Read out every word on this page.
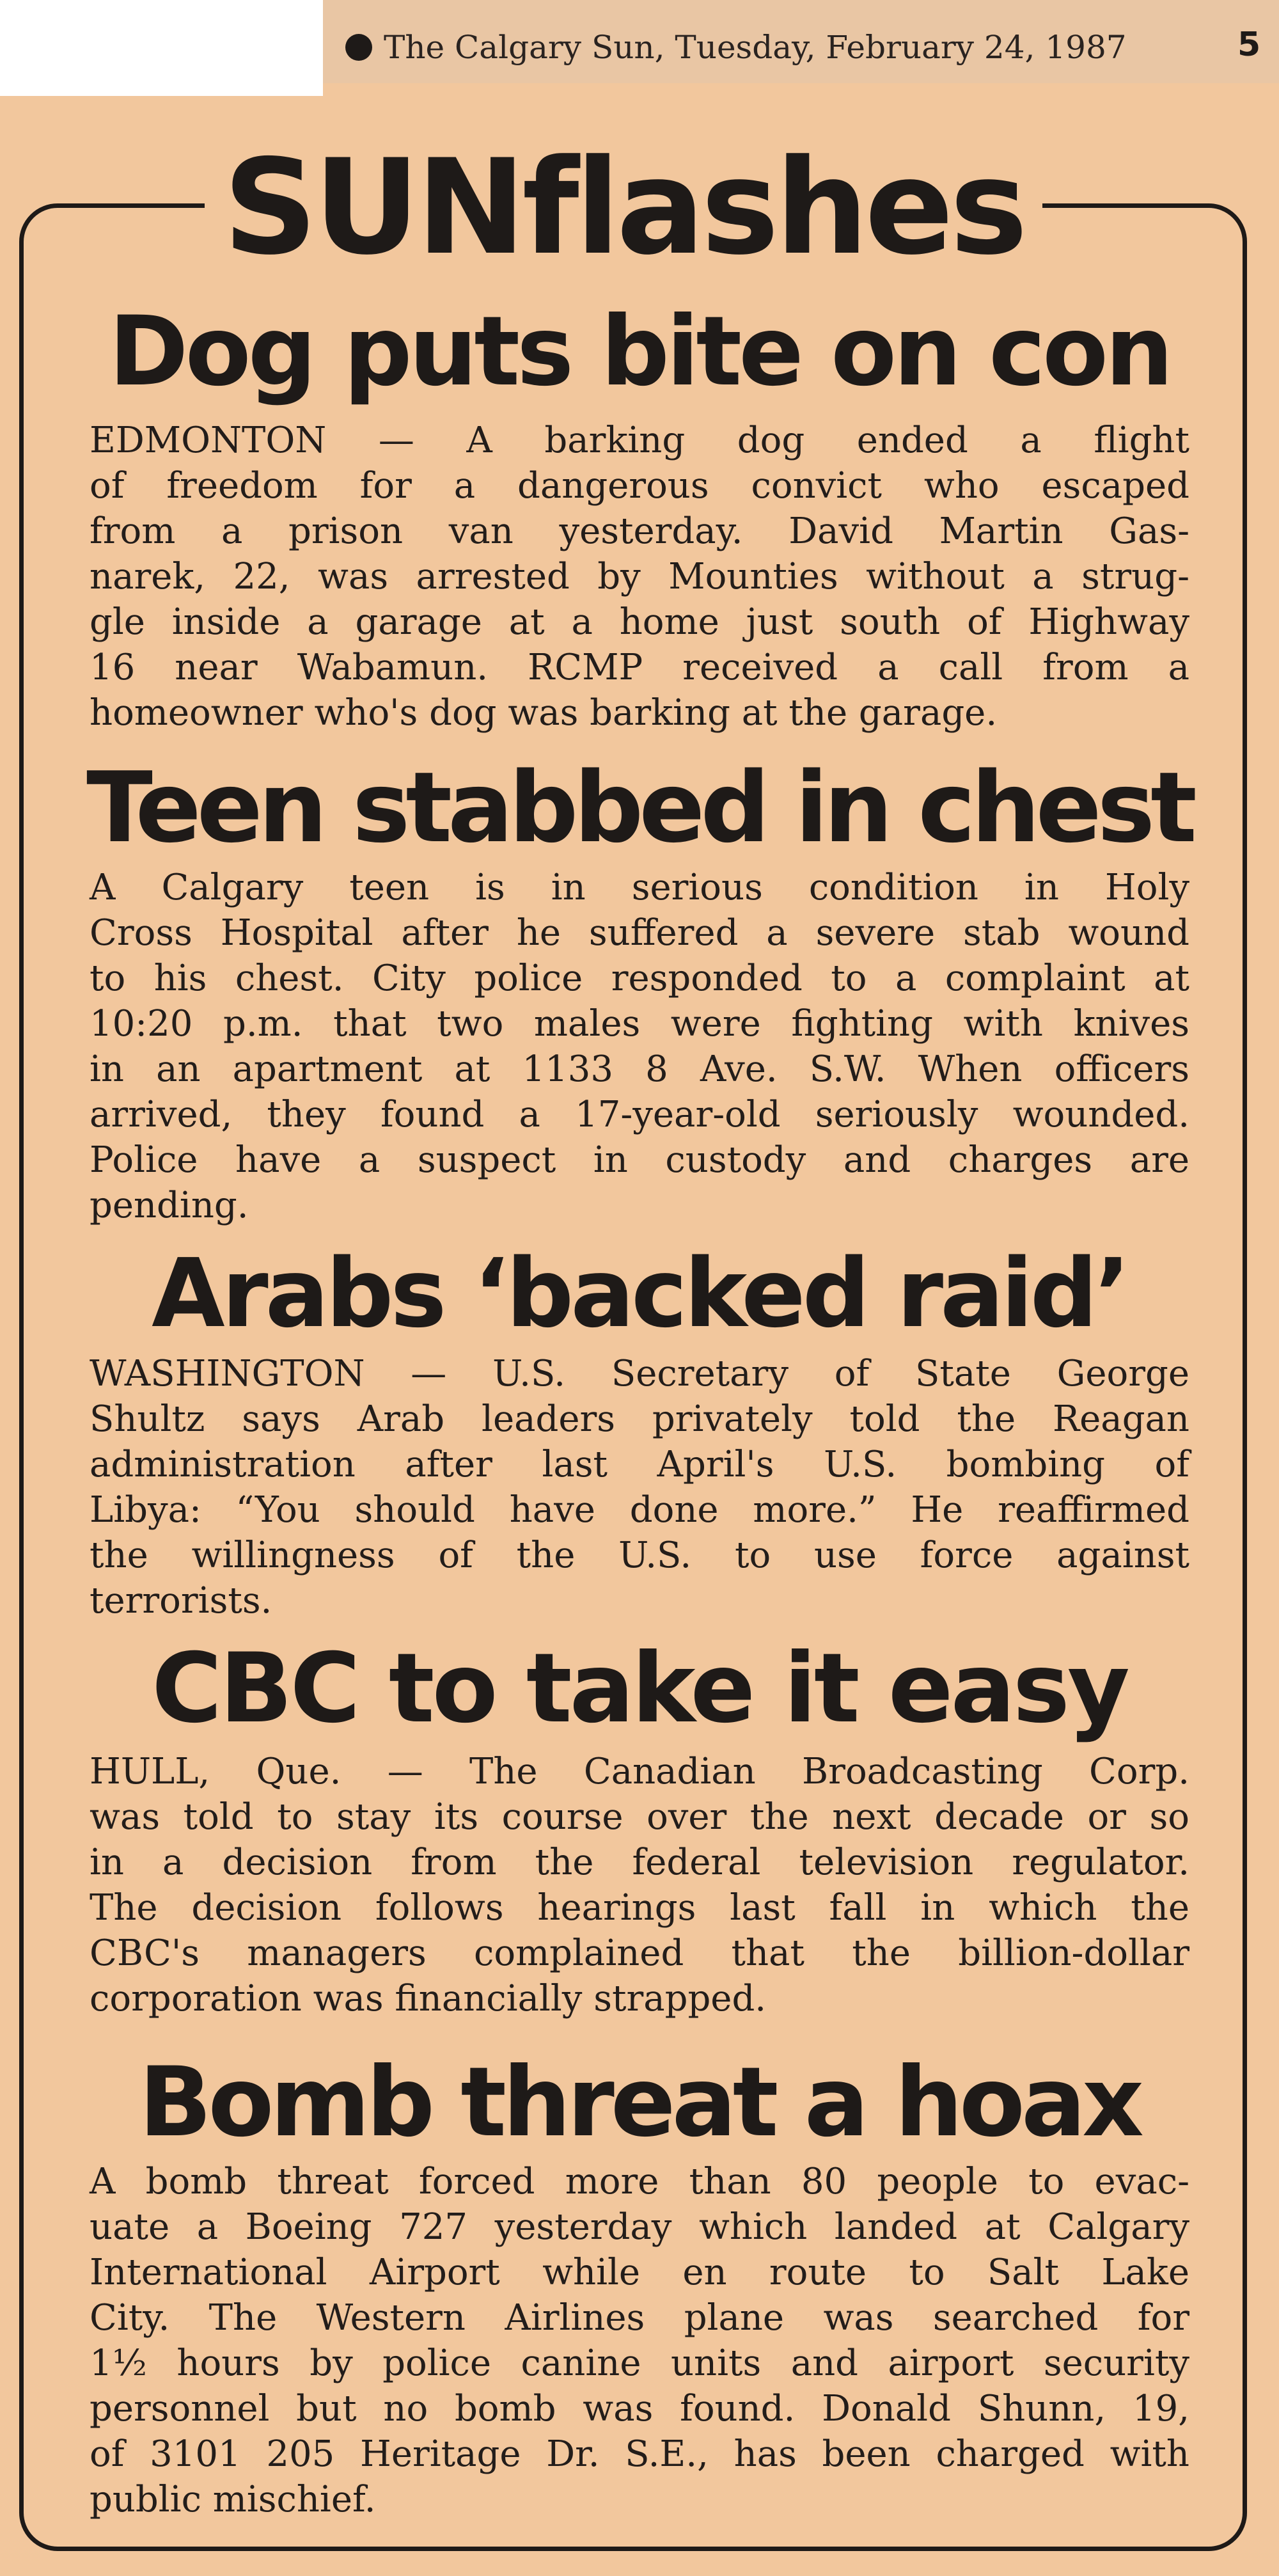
The Calgary Sun, Tuesday, February 24, 1987	5
SUNflashes
Dog puts bite on con
EDMONTON — A barking dog ended a flight
of freedom for a dangerous convict who escaped
from a prison van yesterday. David Martin Gas-
narek, 22, was arrested by Mounties without a strug-
gle inside a garage at a home just south of Highway
16 near Wabamun. RCMP received a call from a
homeowner who's dog was barking at the garage.
Teen stabbed in chest
A Calgary teen is in serious condition in Holy
Cross Hospital after he suffered a severe stab wound
to his chest. City police responded to a complaint at
10:20 p.m. that two males were fighting with knives
in an apartment at 1133 8 Ave. S.W. When officers
arrived, they found a 17-year-old seriously wounded.
Police have a suspect in custody and charges are
pending.
Arabs ‘backed raid’
WASHINGTON — U.S. Secretary of State George
Shultz says Arab leaders privately told the Reagan
administration after last April's U.S. bombing of
Libya: “You should have done more.” He reaffirmed
the willingness of the U.S. to use force against
terrorists.
CBC to take it easy
HULL, Que. — The Canadian Broadcasting Corp.
was told to stay its course over the next decade or so
in a decision from the federal television regulator.
The decision follows hearings last fall in which the
CBC's managers complained that the billion-dollar
corporation was financially strapped.
Bomb threat a hoax
A bomb threat forced more than 80 people to evac-
uate a Boeing 727 yesterday which landed at Calgary
International Airport while en route to Salt Lake
City. The Western Airlines plane was searched for
1½ hours by police canine units and airport security
personnel but no bomb was found. Donald Shunn, 19,
of 3101 205 Heritage Dr. S.E., has been charged with
public mischief.
